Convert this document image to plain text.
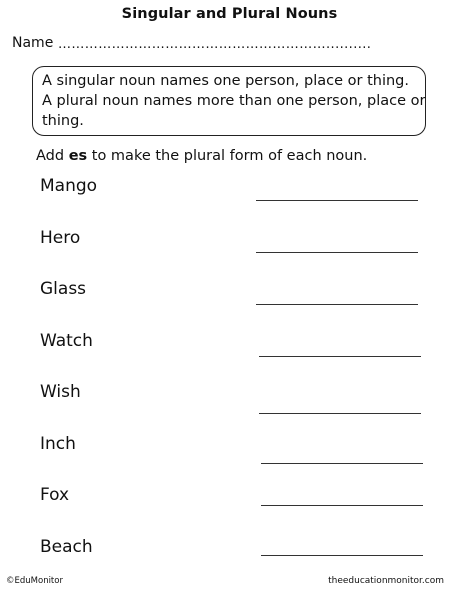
Singular and Plural Nouns
Name ……………………………………………………..........
A singular noun names one person, place or thing.
A plural noun names more than one person, place or
thing.
Add es to make the plural form of each noun.
Mango
Hero
Glass
Watch
Wish
Inch
Fox
Beach
©EduMonitor	theeducationmonitor.com
